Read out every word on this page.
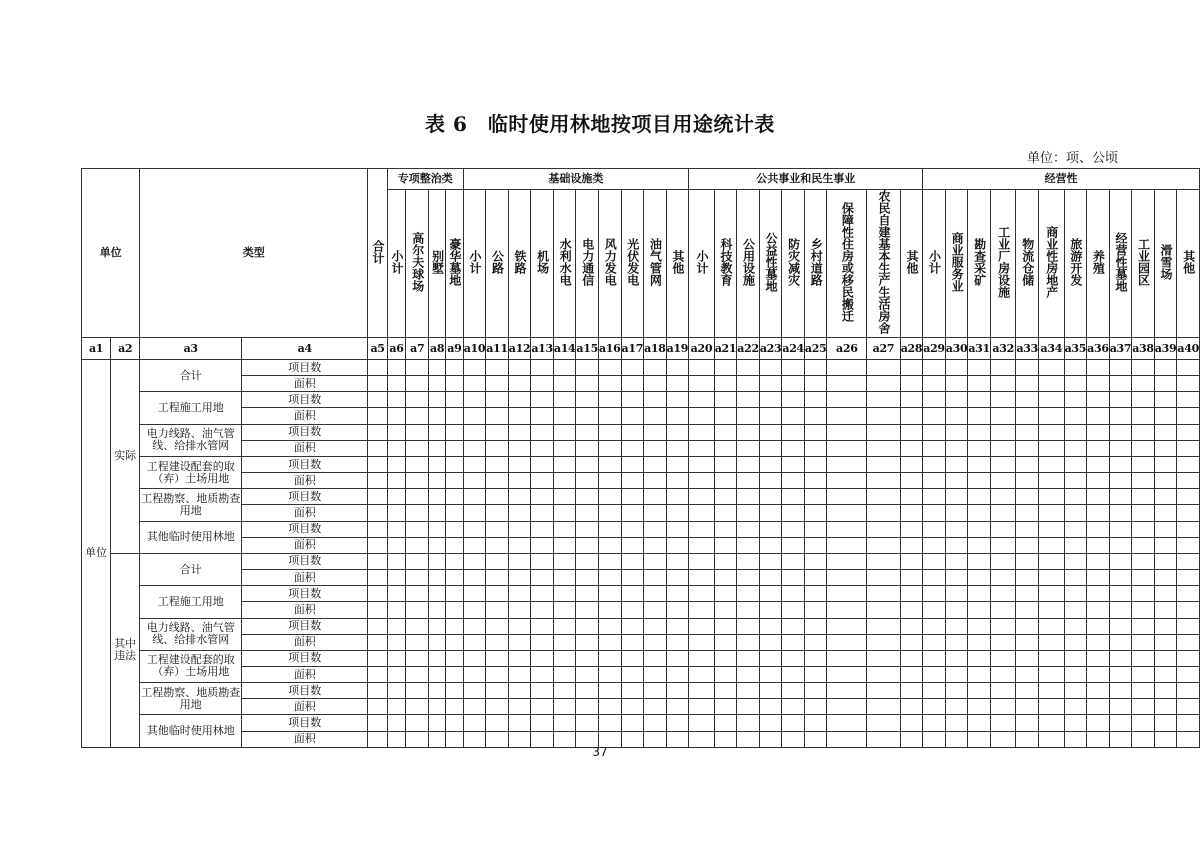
表 6　临时使用林地按项目用途统计表
单位：项、公顷
单位		类型		合计	专项整治类				基础设施类										公共事业和民生事业									经营性											
					小计	高尔夫球场	别墅	豪华墓地	小计	公路	铁路	机场	水利水电	电力通信	风力发电	光伏发电	油气管网	其他	小计	科技教育	公用设施	公益性墓地	防灾减灾	乡村道路	保障性住房或移民搬迁	农民自建基本生产生活房舍	其他	小计	商业服务业	勘查采矿	工业厂房设施	物流仓储	商业性房地产	旅游开发	养殖	经营性墓地	工业园区	滑雪场	其他
a1	a2	a3	a4	a5	a6	a7	a8	a9	a10	a11	a12	a13	a14	a15	a16	a17	a18	a19	a20	a21	a22	a23	a24	a25	a26	a27	a28	a29	a30	a31	a32	a33	a34	a35	a36	a37	a38	a39	a40
单位	实际	合计	项目数																																				
			面积																																				
		工程施工用地	项目数																																				
			面积																																				
		电力线路、油气管线、给排水管网	项目数																																				
			面积																																				
		工程建设配套的取（弃）土场用地	项目数																																				
			面积																																				
		工程勘察、地质勘查用地	项目数																																				
			面积																																				
		其他临时使用林地	项目数																																				
			面积																																				
	其中违法	合计	项目数																																				
			面积																																				
		工程施工用地	项目数																																				
			面积																																				
		电力线路、油气管线、给排水管网	项目数																																				
			面积																																				
		工程建设配套的取（弃）土场用地	项目数																																				
			面积																																				
		工程勘察、地质勘查用地	项目数																																				
			面积																																				
		其他临时使用林地	项目数																																				
			面积																																				
37
